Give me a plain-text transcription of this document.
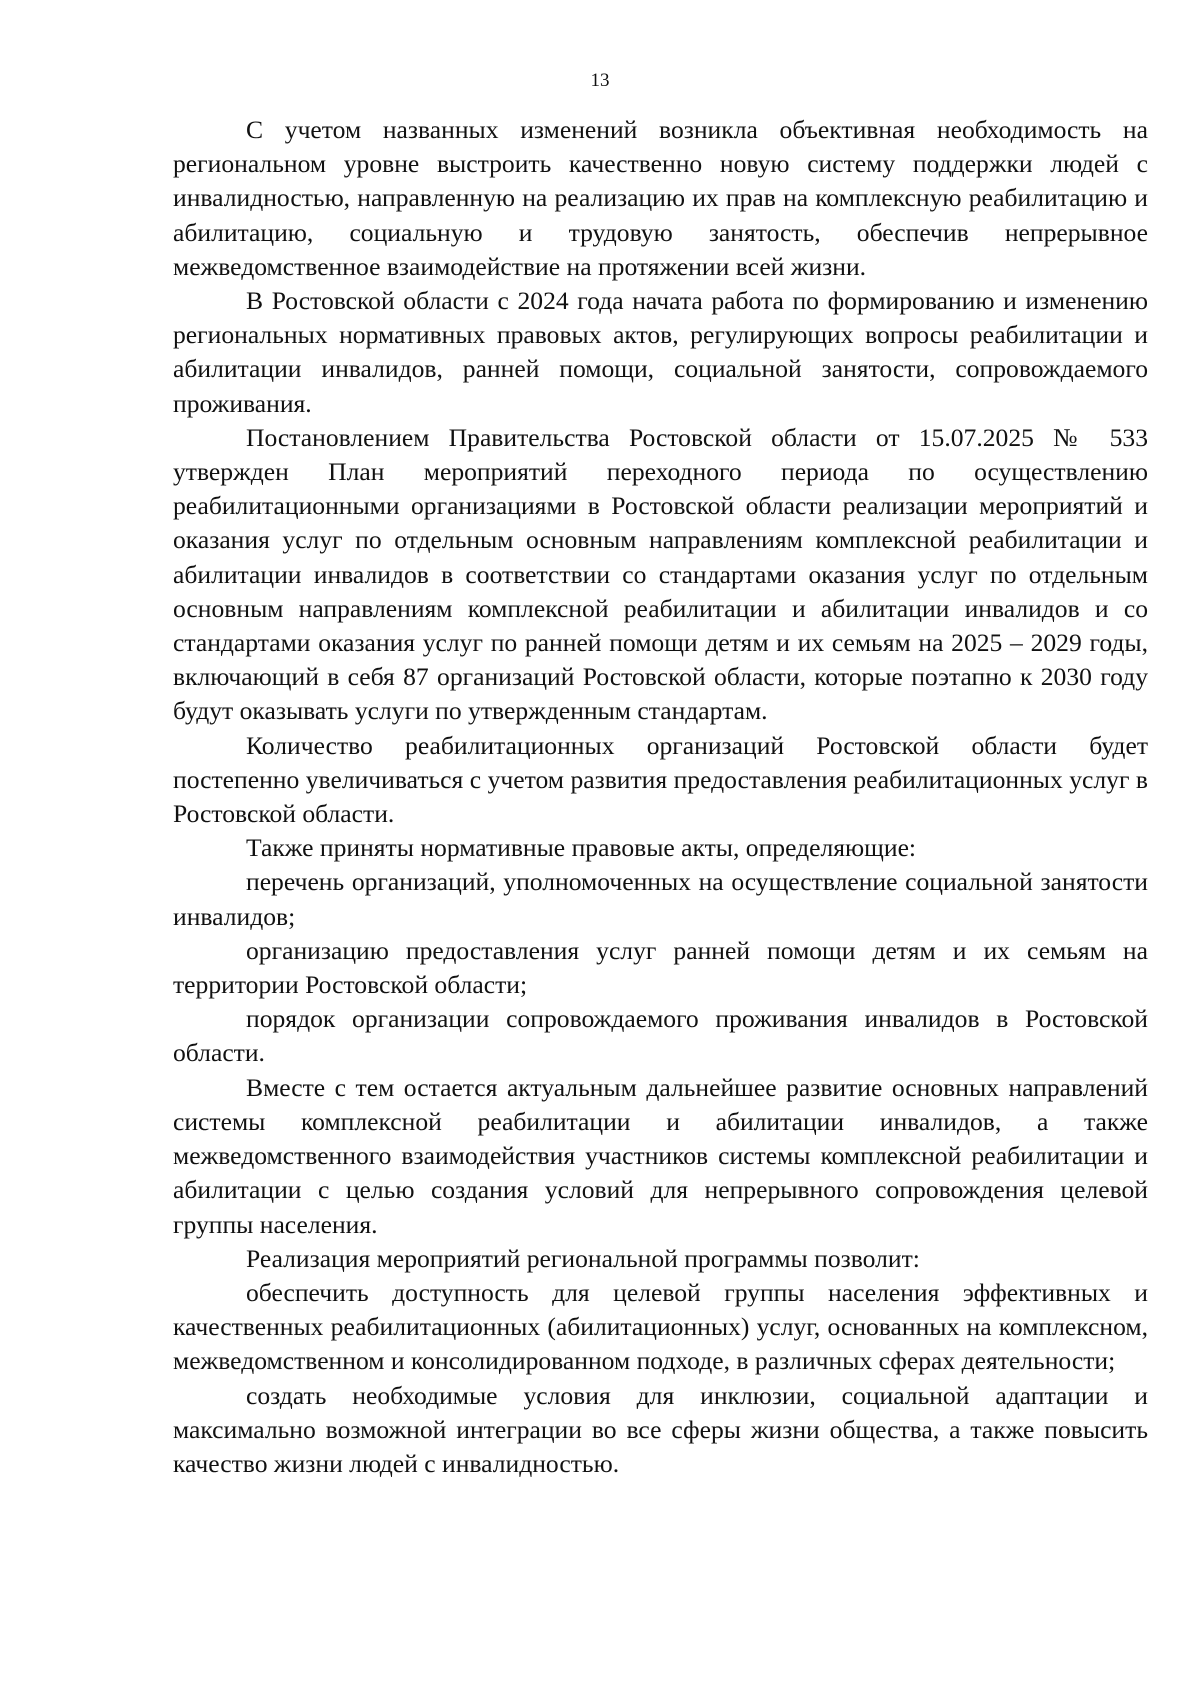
13

С учетом названных изменений возникла объективная необходимость на региональном уровне выстроить качественно новую систему поддержки людей с инвалидностью, направленную на реализацию их прав на комплексную реабилитацию и абилитацию, социальную и трудовую занятость, обеспечив непрерывное межведомственное взаимодействие на протяжении всей жизни.

В Ростовской области с 2024 года начата работа по формированию и изменению региональных нормативных правовых актов, регулирующих вопросы реабилитации и абилитации инвалидов, ранней помощи, социальной занятости, сопровождаемого проживания.

Постановлением Правительства Ростовской области от 15.07.2025 № 533 утвержден План мероприятий переходного периода по осуществлению реабилитационными организациями в Ростовской области реализации мероприятий и оказания услуг по отдельным основным направлениям комплексной реабилитации и абилитации инвалидов в соответствии со стандартами оказания услуг по отдельным основным направлениям комплексной реабилитации и абилитации инвалидов и со стандартами оказания услуг по ранней помощи детям и их семьям на 2025 – 2029 годы, включающий в себя 87 организаций Ростовской области, которые поэтапно к 2030 году будут оказывать услуги по утвержденным стандартам.

Количество реабилитационных организаций Ростовской области будет постепенно увеличиваться с учетом развития предоставления реабилитационных услуг в Ростовской области.

Также приняты нормативные правовые акты, определяющие:

перечень организаций, уполномоченных на осуществление социальной занятости инвалидов;

организацию предоставления услуг ранней помощи детям и их семьям на территории Ростовской области;

порядок организации сопровождаемого проживания инвалидов в Ростовской области.

Вместе с тем остается актуальным дальнейшее развитие основных направлений системы комплексной реабилитации и абилитации инвалидов, а также межведомственного взаимодействия участников системы комплексной реабилитации и абилитации с целью создания условий для непрерывного сопровождения целевой группы населения.

Реализация мероприятий региональной программы позволит:

обеспечить доступность для целевой группы населения эффективных и качественных реабилитационных (абилитационных) услуг, основанных на комплексном, межведомственном и консолидированном подходе, в различных сферах деятельности;

создать необходимые условия для инклюзии, социальной адаптации и максимально возможной интеграции во все сферы жизни общества, а также повысить качество жизни людей с инвалидностью.
